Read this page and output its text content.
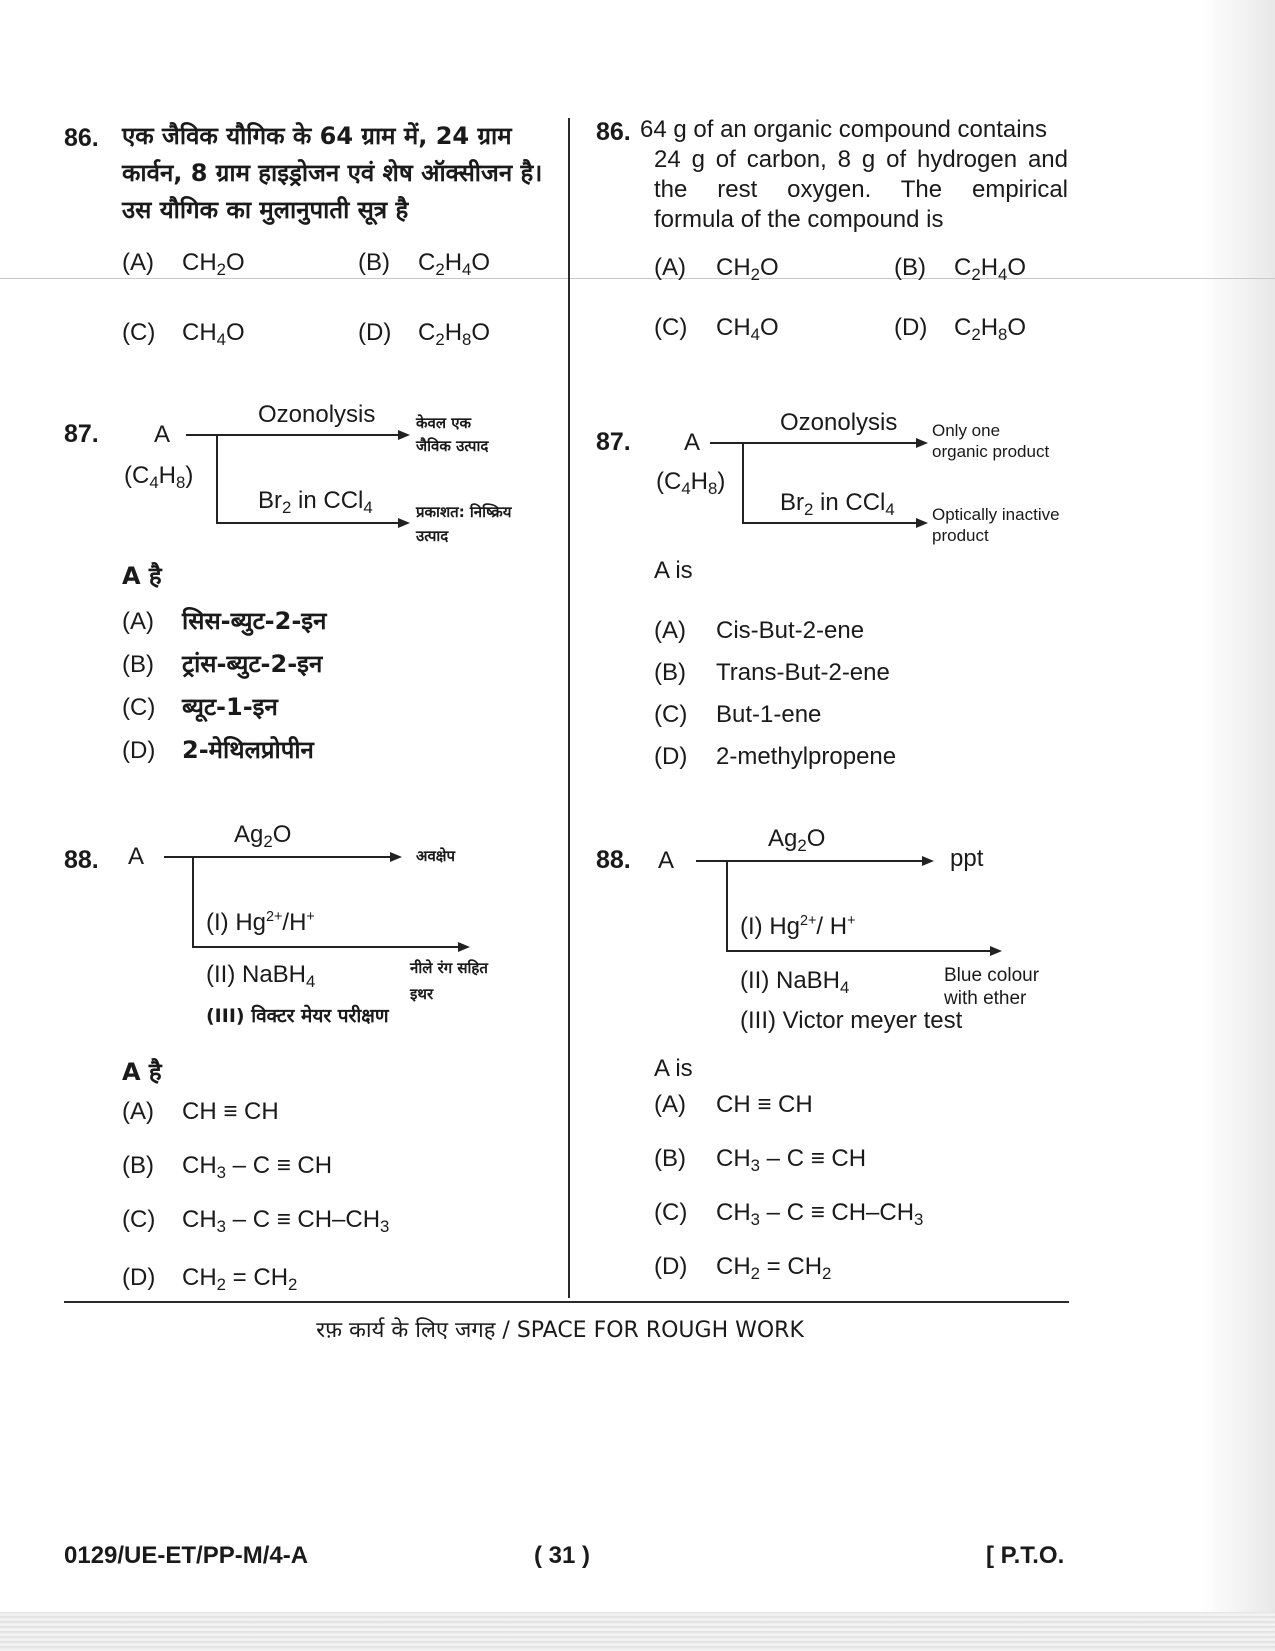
86. एक जैविक यौगिक के 64 ग्राम में, 24 ग्राम
कार्वन, 8 ग्राम हाइड्रोजन एवं शेष ऑक्सीजन है।
उस यौगिक का मुलानुपाती सूत्र है
(A) $CH_2O$	(B) $C_2H_4O$
(C) $CH_4O$	(D) $C_2H_8O$
87. A
$(C_4H_8)$
Ozonolysis
$Br_2$ in CCl$_4$
केवल एक
जैविक उत्पाद
प्रकाशत: निष्क्रिय
उत्पाद
A है
(A) सिस-ब्युट-2-इन
(B) ट्रांस-ब्युट-2-इन
(C) ब्यूट-1-इन
(D) 2-मेथिलप्रोपीन
88. A
$Ag_2O$
अवक्षेप
(I) $Hg^{2+}/H^+$
(II) NaBH$_4$
(III) विक्टर मेयर परीक्षण
नीले रंग सहित
इथर
A है
(A) CH ≡ CH
(B) $CH_3$ – C ≡ CH
(C) $CH_3 - C \equiv CH-CH_3$
(D) $CH_2 = CH_2$
86. 64 g of an organic compound contains
24 g of carbon, 8 g of hydrogen and
the rest oxygen. The empirical
formula of the compound is
(A) $CH_2O$	(B) $C_2H_4O$
(C) $CH_4O$	(D) $C_2H_8O$
87. A
$(C_4H_8)$
Ozonolysis
$Br_2$ in CCl$_4$
Only one
organic product
Optically inactive
product
A is
(A) Cis-But-2-ene
(B) Trans-But-2-ene
(C) But-1-ene
(D) 2-methylpropene
88. A
$Ag_2O$
ppt
(I) $Hg^{2+}/$ H+
(II) NaBH$_4$
(III) Victor meyer test
Blue colour
with ether
A is
(A) CH ≡ CH
(B) $CH_3$ – C ≡ CH
(C) $CH_3 - C \equiv CH-CH_3$
(D) $CH_2 = CH_2$
रफ़ कार्य के लिए जगह / SPACE FOR ROUGH WORK
0129/UE-ET/PP-M/4-A	( 31 )	[ P.T.O.
